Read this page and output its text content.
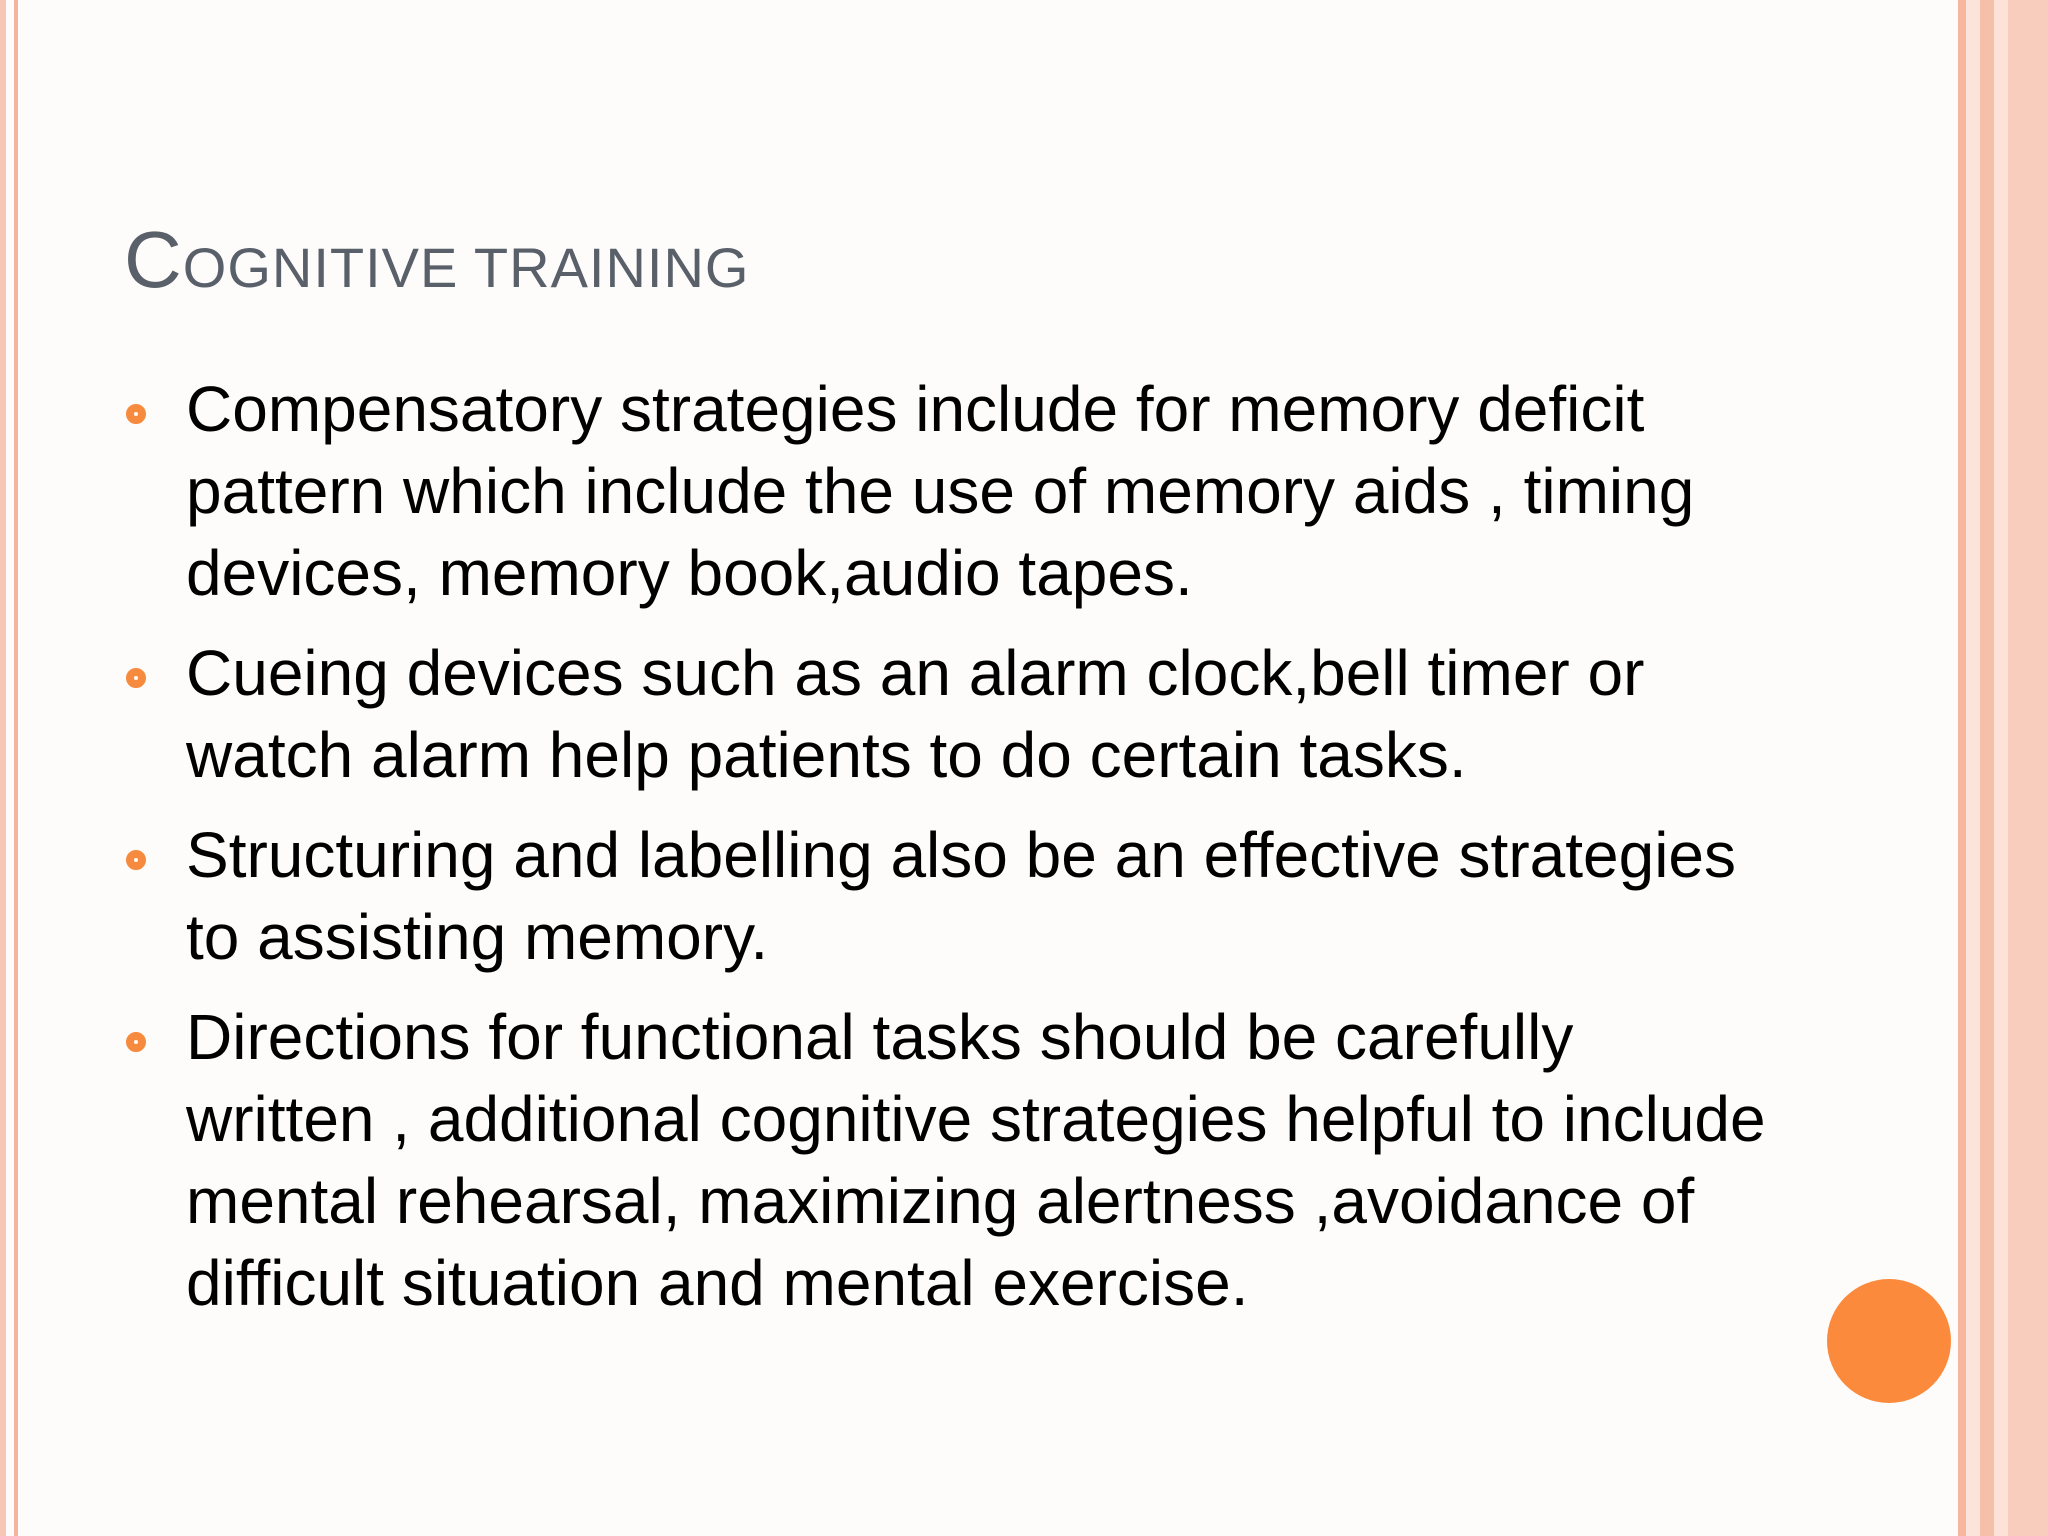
COGNITIVE TRAINING
Compensatory strategies include for memory deficit pattern which include the use of memory aids , timing devices, memory book,audio tapes.
Cueing devices such as an alarm clock,bell timer or watch alarm help patients to do certain tasks.
Structuring and labelling also be an effective strategies to assisting memory.
Directions for functional tasks should be carefully written , additional cognitive strategies helpful to include mental rehearsal, maximizing alertness ,avoidance of difficult situation and mental exercise.
